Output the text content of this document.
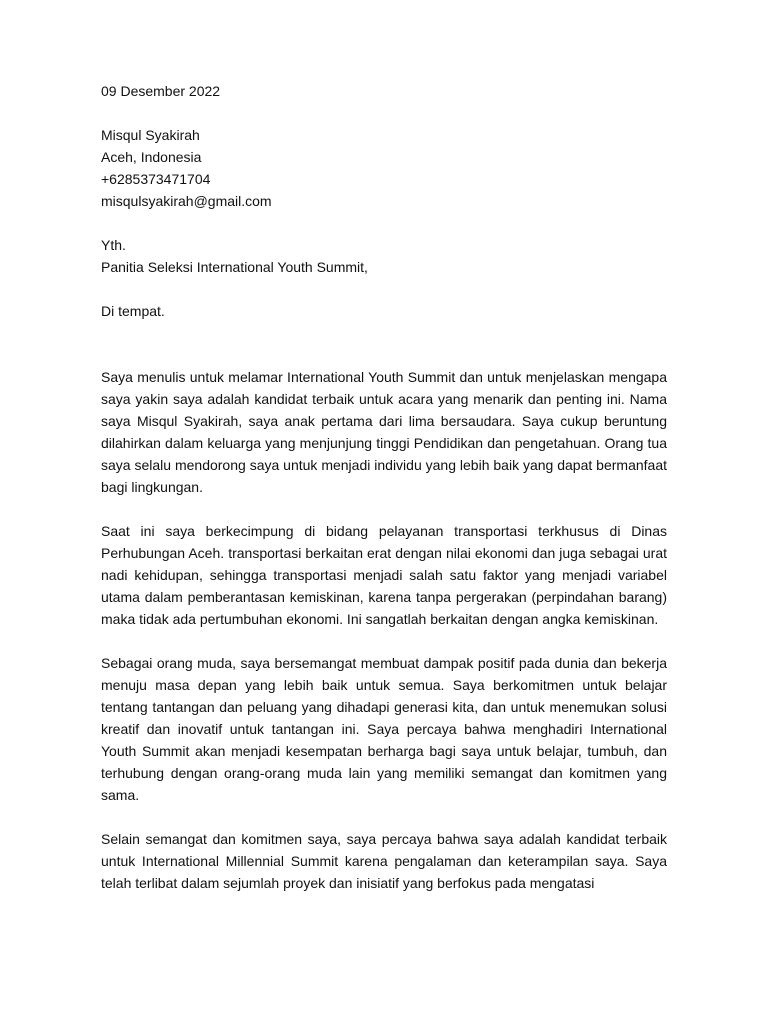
09 Desember 2022
Misqul Syakirah
Aceh, Indonesia
+6285373471704
misqulsyakirah@gmail.com
Yth.
Panitia Seleksi International Youth Summit,
Di tempat.

Saya menulis untuk melamar International Youth Summit dan untuk menjelaskan mengapa saya yakin saya adalah kandidat terbaik untuk acara yang menarik dan penting ini. Nama saya Misqul Syakirah, saya anak pertama dari lima bersaudara. Saya cukup beruntung dilahirkan dalam keluarga yang menjunjung tinggi Pendidikan dan pengetahuan. Orang tua saya selalu mendorong saya untuk menjadi individu yang lebih baik yang dapat bermanfaat bagi lingkungan.

Saat ini saya berkecimpung di bidang pelayanan transportasi terkhusus di Dinas Perhubungan Aceh. transportasi berkaitan erat dengan nilai ekonomi dan juga sebagai urat nadi kehidupan, sehingga transportasi menjadi salah satu faktor yang menjadi variabel utama dalam pemberantasan kemiskinan, karena tanpa pergerakan (perpindahan barang) maka tidak ada pertumbuhan ekonomi. Ini sangatlah berkaitan dengan angka kemiskinan.

Sebagai orang muda, saya bersemangat membuat dampak positif pada dunia dan bekerja menuju masa depan yang lebih baik untuk semua. Saya berkomitmen untuk belajar tentang tantangan dan peluang yang dihadapi generasi kita, dan untuk menemukan solusi kreatif dan inovatif untuk tantangan ini. Saya percaya bahwa menghadiri International Youth Summit akan menjadi kesempatan berharga bagi saya untuk belajar, tumbuh, dan terhubung dengan orang-orang muda lain yang memiliki semangat dan komitmen yang sama.

Selain semangat dan komitmen saya, saya percaya bahwa saya adalah kandidat terbaik untuk International Millennial Summit karena pengalaman dan keterampilan saya. Saya telah terlibat dalam sejumlah proyek dan inisiatif yang berfokus pada mengatasi
